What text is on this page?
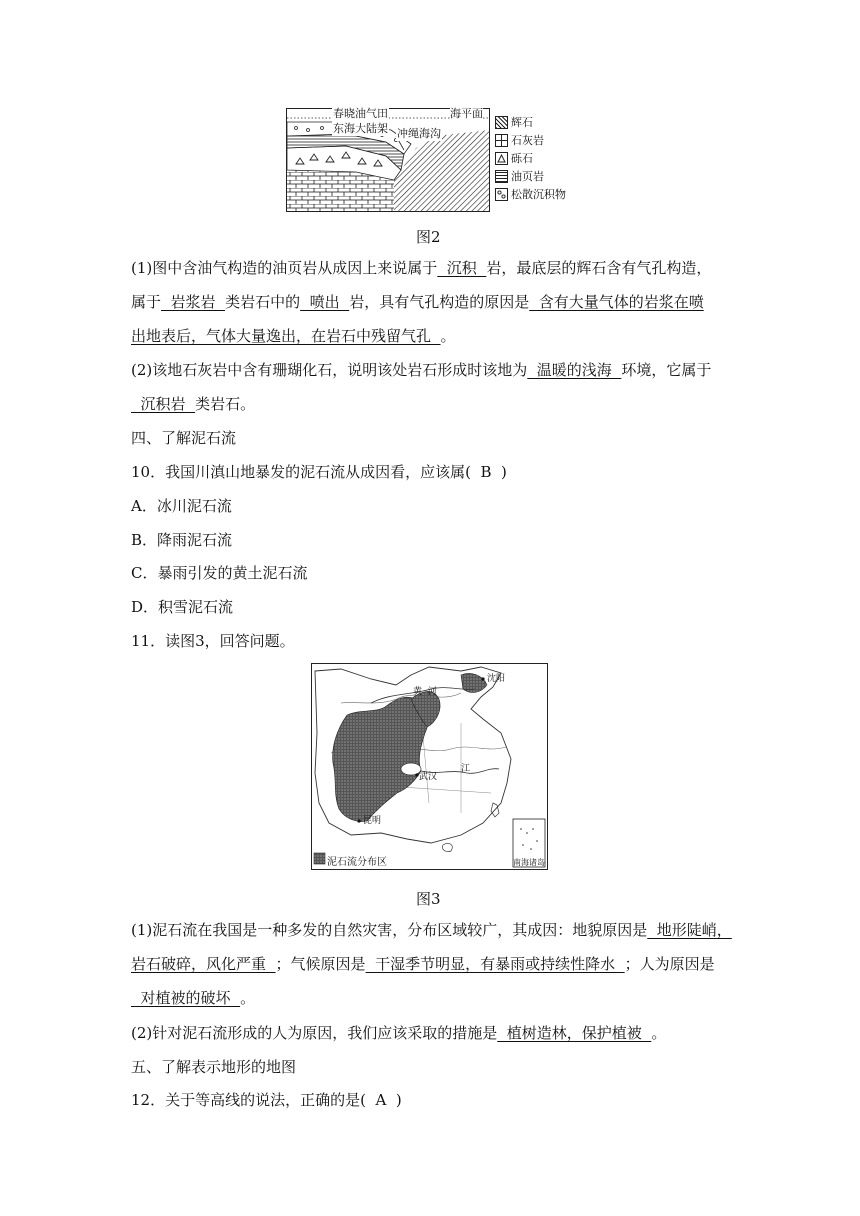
春晓油气田	海平面
东海大陆架 冲绳海沟
辉石
石灰岩
砾石
油页岩
松散沉积物
图2
(1)图中含油气构造的油页岩从成因上来说属于  沉积  岩，最底层的辉石含有气孔构造，
属于  岩浆岩  类岩石中的  喷出  岩，具有气孔构造的原因是  含有大量气体的岩浆在喷
出地表后，气体大量逸出，在岩石中残留气孔  。
(2)该地石灰岩中含有珊瑚化石，说明该处岩石形成时该地为  温暖的浅海  环境，它属于
沉积岩  类岩石。
四、了解泥石流
10．我国川滇山地暴发的泥石流从成因看，应该属(  B  )
A．冰川泥石流
B．降雨泥石流
C．暴雨引发的黄土泥石流
D．积雪泥石流
11．读图3，回答问题。
黄  河
沈阳
武汉
江
昆明
南海诸岛
泥石流分布区
图3
(1)泥石流在我国是一种多发的自然灾害，分布区域较广，其成因：地貌原因是  地形陡峭，
岩石破碎，风化严重  ；气候原因是  干湿季节明显，有暴雨或持续性降水  ；人为原因是
对植被的破坏  。
(2)针对泥石流形成的人为原因，我们应该采取的措施是  植树造林，保护植被  。
五、了解表示地形的地图
12．关于等高线的说法，正确的是(  A  )
